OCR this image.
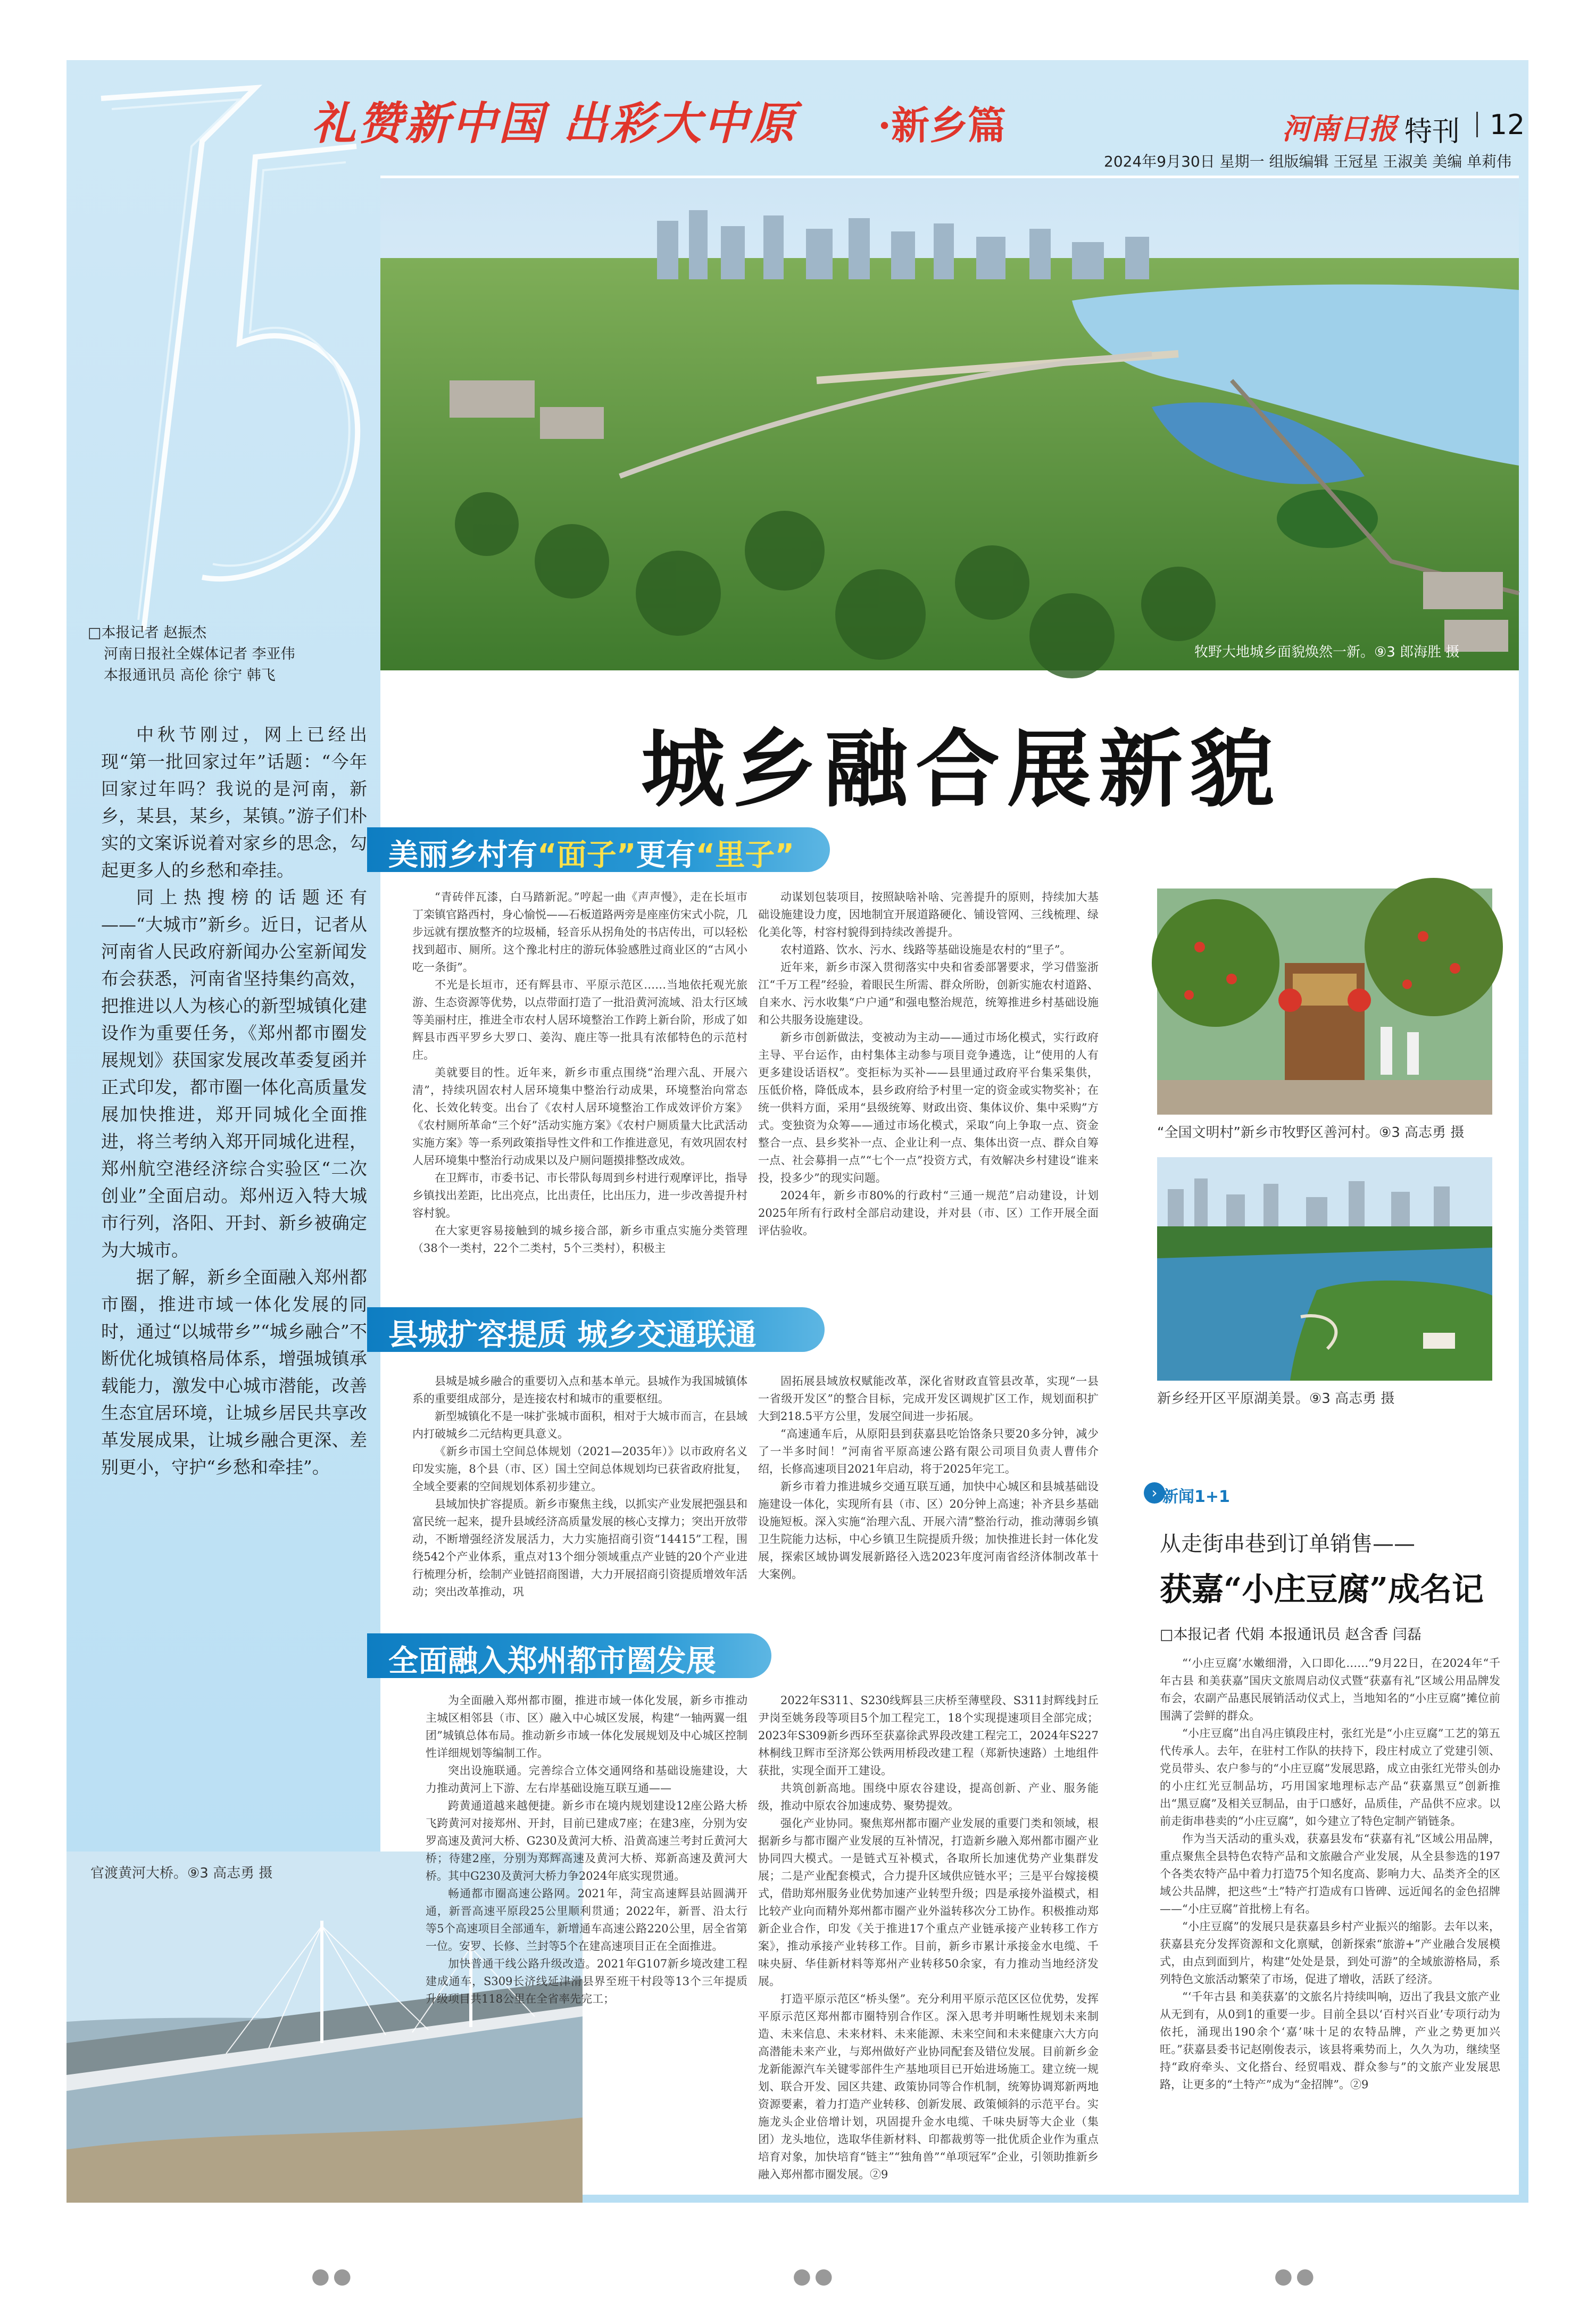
礼赞新中国 出彩大中原 ·新乡篇	河南日报 特刊 12
2024年9月30日 星期一 组版编辑 王冠星 王淑美 美编 单莉伟
牧野大地城乡面貌焕然一新。⑨3 郎海胜 摄
□本报记者 赵振杰
河南日报社全媒体记者 李亚伟
本报通讯员 高伦 徐宁 韩飞

中秋节刚过，网上已经出现“第一批回家过年”话题：“今年回家过年吗？我说的是河南，新乡，某县，某乡，某镇。”游子们朴实的文案诉说着对家乡的思念，勾起更多人的乡愁和牵挂。

同上热搜榜的话题还有——“大城市”新乡。近日，记者从河南省人民政府新闻办公室新闻发布会获悉，河南省坚持集约高效，把推进以人为核心的新型城镇化建设作为重要任务，《郑州都市圈发展规划》获国家发展改革委复函并正式印发，都市圈一体化高质量发展加快推进，郑开同城化全面推进，将兰考纳入郑开同城化进程，郑州航空港经济综合实验区“二次创业”全面启动。郑州迈入特大城市行列，洛阳、开封、新乡被确定为大城市。

据了解，新乡全面融入郑州都市圈，推进市域一体化发展的同时，通过“以城带乡”“城乡融合”不断优化城镇格局体系，增强城镇承载能力，激发中心城市潜能，改善生态宜居环境，让城乡居民共享改革发展成果，让城乡融合更深、差别更小，守护“乡愁和牵挂”。

官渡黄河大桥。⑨3 高志勇 摄
城乡融合展新貌
美丽乡村有“面子”更有“里子”

“青砖伴瓦漆，白马踏新泥。”哼起一曲《声声慢》，走在长垣市丁栾镇官路西村，身心愉悦——石板道路两旁是座座仿宋式小院，几步远就有摆放整齐的垃圾桶，轻音乐从拐角处的书店传出，可以轻松找到超市、厕所。这个豫北村庄的游玩体验感胜过商业区的“古风小吃一条街”。

不光是长垣市，还有辉县市、平原示范区……当地依托观光旅游、生态资源等优势，以点带面打造了一批沿黄河流域、沿太行区域等美丽村庄，推进全市农村人居环境整治工作跨上新台阶，形成了如辉县市西平罗乡大罗口、姜沟、鹿庄等一批具有浓郁特色的示范村庄。

美就要目的性。近年来，新乡市重点围绕“治理六乱、开展六清”，持续巩固农村人居环境集中整治行动成果，环境整治向常态化、长效化转变。出台了《农村人居环境整治工作成效评价方案》《农村厕所革命“三个好”活动实施方案》《农村户厕质量大比武活动实施方案》等一系列政策指导性文件和工作推进意见，有效巩固农村人居环境集中整治行动成果以及户厕问题摸排整改成效。

在卫辉市，市委书记、市长带队每周到乡村进行观摩评比，指导乡镇找出差距，比出亮点，比出责任，比出压力，进一步改善提升村容村貌。

在大家更容易接触到的城乡接合部，新乡市重点实施分类管理（38个一类村，22个二类村，5个三类村），积极主

动谋划包装项目，按照缺啥补啥、完善提升的原则，持续加大基础设施建设力度，因地制宜开展道路硬化、铺设管网、三线梳理、绿化美化等，村容村貌得到持续改善提升。

农村道路、饮水、污水、线路等基础设施是农村的“里子”。

近年来，新乡市深入贯彻落实中央和省委部署要求，学习借鉴浙江“千万工程”经验，着眼民生所需、群众所盼，创新实施农村道路、自来水、污水收集“户户通”和强电整治规范，统筹推进乡村基础设施和公共服务设施建设。

新乡市创新做法，变被动为主动——通过市场化模式，实行政府主导、平台运作，由村集体主动参与项目竞争遴选，让“使用的人有更多建设话语权”。变拒标为买补——县里通过政府平台集采集供，压低价格，降低成本，县乡政府给予村里一定的资金或实物奖补；在统一供料方面，采用“县级统筹、财政出资、集体议价、集中采购”方式。变独资为众筹——通过市场化模式，采取“向上争取一点、资金整合一点、县乡奖补一点、企业让利一点、集体出资一点、群众自筹一点、社会募捐一点”“七个一点”投资方式，有效解决乡村建设“谁来投，投多少”的现实问题。

2024年，新乡市80%的行政村“三通一规范”启动建设，计划2025年所有行政村全部启动建设，并对县（市、区）工作开展全面评估验收。

“全国文明村”新乡市牧野区善河村。⑨3 高志勇 摄
新乡经开区平原湖美景。⑨3 高志勇 摄
县城扩容提质 城乡交通联通

县城是城乡融合的重要切入点和基本单元。县城作为我国城镇体系的重要组成部分，是连接农村和城市的重要枢纽。

新型城镇化不是一味扩张城市面积，相对于大城市而言，在县域内打破城乡二元结构更具意义。

《新乡市国土空间总体规划（2021—2035年）》以市政府名义印发实施，8个县（市、区）国土空间总体规划均已获省政府批复，全域全要素的空间规划体系初步建立。

县域加快扩容提质。新乡市聚焦主线，以抓实产业发展把强县和富民统一起来，提升县域经济高质量发展的核心支撑力；突出开放带动，不断增强经济发展活力，大力实施招商引资“14415”工程，围绕542个产业体系，重点对13个细分领域重点产业链的20个产业进行梳理分析，绘制产业链招商图谱，大力开展招商引资提质增效年活动；突出改革推动，巩

固拓展县域放权赋能改革，深化省财政直管县改革，实现“一县一省级开发区”的整合目标，完成开发区调规扩区工作，规划面积扩大到218.5平方公里，发展空间进一步拓展。

“高速通车后，从原阳县到获嘉县吃饴饹条只要20多分钟，减少了一半多时间！”河南省平原高速公路有限公司项目负责人曹伟介绍，长修高速项目2021年启动，将于2025年完工。

新乡市着力推进城乡交通互联互通，加快中心城区和县城基础设施建设一体化，实现所有县（市、区）20分钟上高速；补齐县乡基础设施短板。深入实施“治理六乱、开展六清”整治行动，推动薄弱乡镇卫生院能力达标，中心乡镇卫生院提质升级；加快推进长封一体化发展，探索区域协调发展新路径入选2023年度河南省经济体制改革十大案例。

全面融入郑州都市圈发展

为全面融入郑州都市圈，推进市域一体化发展，新乡市推动主城区相邻县（市、区）融入中心城区发展，构建“一轴两翼一组团”城镇总体布局。推动新乡市域一体化发展规划及中心城区控制性详细规划等编制工作。

突出设施联通。完善综合立体交通网络和基础设施建设，大力推动黄河上下游、左右岸基础设施互联互通——

跨黄通道越来越便捷。新乡市在境内规划建设12座公路大桥飞跨黄河对接郑州、开封，目前已建成7座；在建3座，分别为安罗高速及黄河大桥、G230及黄河大桥、沿黄高速兰考封丘黄河大桥；待建2座，分别为郑辉高速及黄河大桥、郑新高速及黄河大桥。其中G230及黄河大桥力争2024年底实现贯通。

畅通都市圈高速公路网。2021年，菏宝高速辉县站圆满开通，新晋高速平原段25公里顺利贯通；2022年，新晋、沿太行等5个高速项目全部通车，新增通车高速公路220公里，居全省第一位。安罗、长修、兰封等5个在建高速项目正在全面推进。

加快普通干线公路升级改造。2021年G107新乡境改建工程建成通车，S309长济线延津滑县界至班干村段等13个三年提质升级项目共118公里在全省率先完工；

2022年S311、S230线辉县三庆桥至薄壁段、S311封辉线封丘尹岗至姚务段等项目5个加工程完工，18个实现提速项目全部完成；2023年S309新乡西环至获嘉徐武界段改建工程完工，2024年S227林桐线卫辉市至济郑公铁两用桥段改建工程（郑新快速路）土地组件获批，实现全面开工建设。

共筑创新高地。围绕中原农谷建设，提高创新、产业、服务能级，推动中原农谷加速成势、聚势提效。

强化产业协同。聚焦郑州都市圈产业发展的重要门类和领域，根据新乡与都市圈产业发展的互补情况，打造新乡融入郑州都市圈产业协同四大模式。一是链式互补模式，各取所长加速优势产业集群发展；二是产业配套模式，合力提升区域供应链水平；三是平台嫁接模式，借助郑州服务业优势加速产业转型升级；四是承接外溢模式，相比较产业向而精外郑州都市圈产业外溢转移次分工协作。积极推动郑新企业合作，印发《关于推进17个重点产业链承接产业转移工作方案》，推动承接产业转移工作。目前，新乡市累计承接金水电缆、千味央厨、华佳新材料等郑州产业转移50余家，有力推动当地经济发展。

打造平原示范区“桥头堡”。充分利用平原示范区区位优势，发挥平原示范区郑州都市圈特别合作区。深入思考并明晰性规划未来制造、未来信息、未来材料、未来能源、未来空间和未来健康六大方向高潜能未来产业，与郑州做好产业协同配套及错位发展。目前新乡金龙新能源汽车关键零部件生产基地项目已开始进场施工。建立统一规划、联合开发、园区共建、政策协同等合作机制，统筹协调郑新两地资源要素，着力打造产业转移、创新发展、政策倾斜的示范平台。实施龙头企业倍增计划，巩固提升金水电缆、千味央厨等大企业（集团）龙头地位，选取华佳新材料、印都裁剪等一批优质企业作为重点培育对象，加快培育“链主”“独角兽”“单项冠军”企业，引领助推新乡融入郑州都市圈发展。②9

› 新闻1+1
从走街串巷到订单销售——
获嘉“小庄豆腐”成名记
□本报记者 代娟 本报通讯员 赵含香 闫磊

“‘小庄豆腐’水嫩细滑，入口即化……”9月22日，在2024年“千年古县 和美获嘉”国庆文旅周启动仪式暨“获嘉有礼”区域公用品牌发布会，农副产品惠民展销活动仪式上，当地知名的“小庄豆腐”摊位前围满了尝鲜的群众。

“小庄豆腐”出自冯庄镇段庄村，张红光是“小庄豆腐”工艺的第五代传承人。去年，在驻村工作队的扶持下，段庄村成立了党建引领、党员带头、农户参与的“小庄豆腐”发展思路，成立由张红光带头创办的小庄红光豆制品坊，巧用国家地理标志产品“获嘉黑豆”创新推出“黑豆腐”及相关豆制品，由于口感好，品质佳，产品供不应求。以前走街串巷卖的“小庄豆腐”，如今建立了特色定制产销链条。

作为当天活动的重头戏，获嘉县发布“获嘉有礼”区域公用品牌，重点聚焦全县特色农特产品和文旅融合产业发展，从全县参选的197个各类农特产品中着力打造75个知名度高、影响力大、品类齐全的区域公共品牌，把这些“土”特产打造成有口皆碑、远近闻名的金色招牌——“小庄豆腐”首批榜上有名。

“小庄豆腐”的发展只是获嘉县乡村产业振兴的缩影。去年以来，获嘉县充分发挥资源和文化禀赋，创新探索“旅游+”产业融合发展模式，由点到面到片，构建“处处是景，到处可游”的全域旅游格局，系列特色文旅活动繁荣了市场，促进了增收，活跃了经济。

“‘千年古县 和美获嘉’的文旅名片持续叫响，迈出了我县文旅产业从无到有，从0到1的重要一步。目前全县以‘百村兴百业’专项行动为依托，涌现出190余个‘嘉’味十足的农特品牌，产业之势更加兴旺。”获嘉县委书记赵刚俊表示，该县将乘势而上，久久为功，继续坚持“政府牵头、文化搭台、经贸唱戏、群众参与”的文旅产业发展思路，让更多的“土特产”成为“金招牌”。②9

●●	●●	●●
